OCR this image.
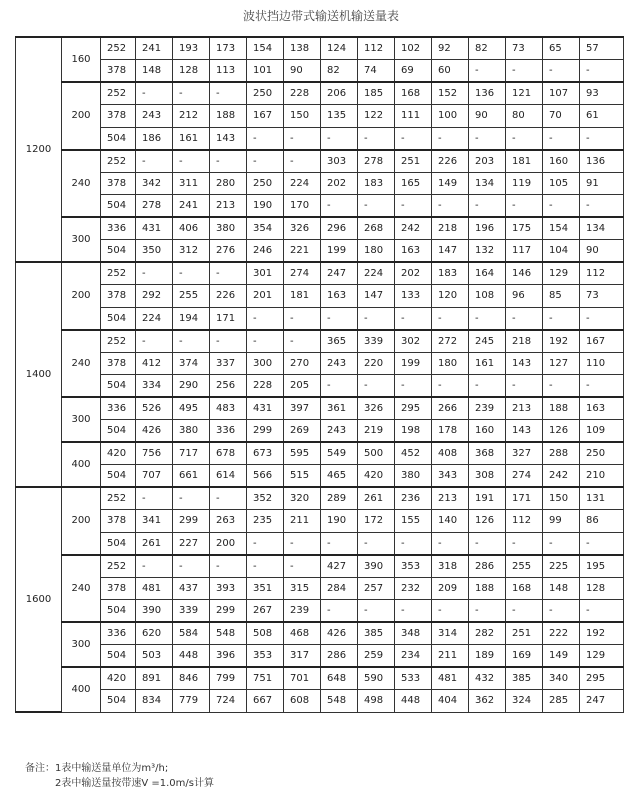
波状挡边带式输送机输送量表
1200	160	252	241	193	173	154	138	124	112	102	92	82	73	65	57
		378	148	128	113	101	90	82	74	69	60	-	-	-	-
	200	252	-	-	-	250	228	206	185	168	152	136	121	107	93
		378	243	212	188	167	150	135	122	111	100	90	80	70	61
		504	186	161	143	-	-	-	-	-	-	-	-	-	-
	240	252	-	-	-	-	-	303	278	251	226	203	181	160	136
		378	342	311	280	250	224	202	183	165	149	134	119	105	91
		504	278	241	213	190	170	-	-	-	-	-	-	-	-
	300	336	431	406	380	354	326	296	268	242	218	196	175	154	134
		504	350	312	276	246	221	199	180	163	147	132	117	104	90
1400	200	252	-	-	-	301	274	247	224	202	183	164	146	129	112
		378	292	255	226	201	181	163	147	133	120	108	96	85	73
		504	224	194	171	-	-	-	-	-	-	-	-	-	-
	240	252	-	-	-	-	-	365	339	302	272	245	218	192	167
		378	412	374	337	300	270	243	220	199	180	161	143	127	110
		504	334	290	256	228	205	-	-	-	-	-	-	-	-
	300	336	526	495	483	431	397	361	326	295	266	239	213	188	163
		504	426	380	336	299	269	243	219	198	178	160	143	126	109
	400	420	756	717	678	673	595	549	500	452	408	368	327	288	250
		504	707	661	614	566	515	465	420	380	343	308	274	242	210
1600	200	252	-	-	-	352	320	289	261	236	213	191	171	150	131
		378	341	299	263	235	211	190	172	155	140	126	112	99	86
		504	261	227	200	-	-	-	-	-	-	-	-	-	-
	240	252	-	-	-	-	-	427	390	353	318	286	255	225	195
		378	481	437	393	351	315	284	257	232	209	188	168	148	128
		504	390	339	299	267	239	-	-	-	-	-	-	-	-
	300	336	620	584	548	508	468	426	385	348	314	282	251	222	192
		504	503	448	396	353	317	286	259	234	211	189	169	149	129
	400	420	891	846	799	751	701	648	590	533	481	432	385	340	295
		504	834	779	724	667	608	548	498	448	404	362	324	285	247
备注：1表中输送量单位为m³/h;
2表中输送量按带速V =1.0m/s计算
